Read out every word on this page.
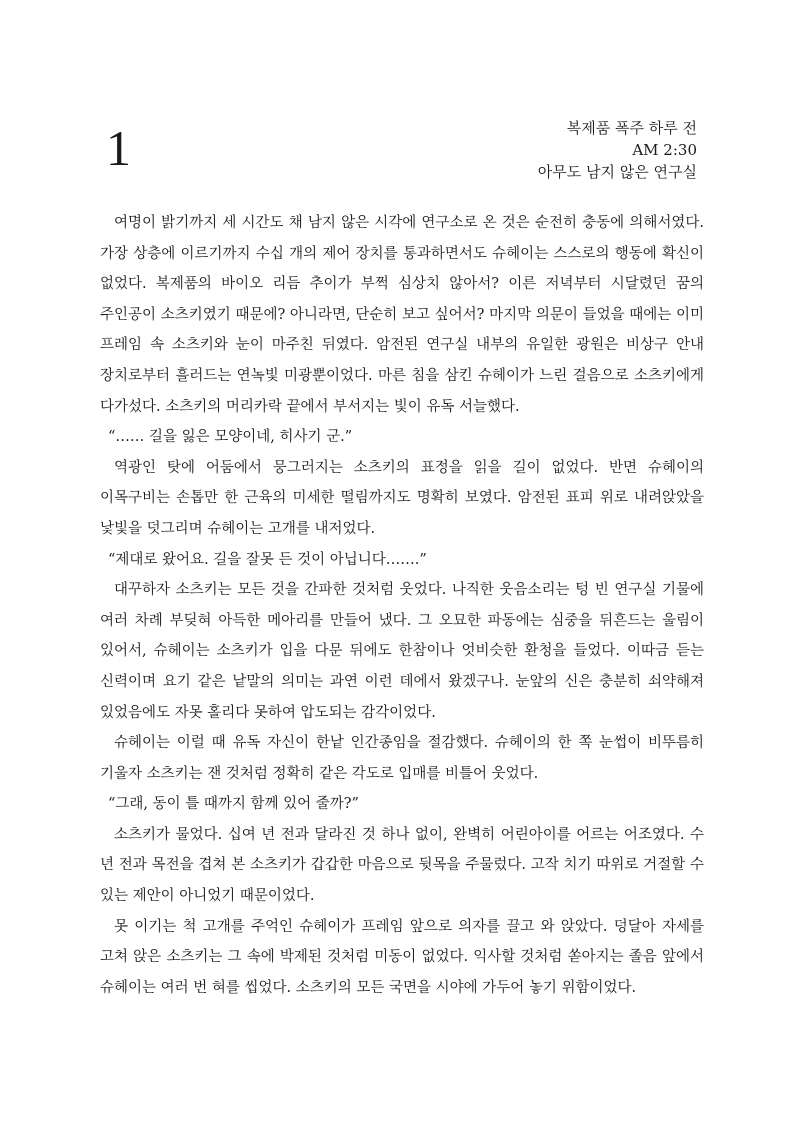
1	복제품 폭주 하루 전
AM 2:30
아무도 남지 않은 연구실

여명이 밝기까지 세 시간도 채 남지 않은 시각에 연구소로 온 것은 순전히 충동에 의해서였다. 가장 상층에 이르기까지 수십 개의 제어 장치를 통과하면서도 슈헤이는 스스로의 행동에 확신이 없었다. 복제품의 바이오 리듬 추이가 부쩍 심상치 않아서? 이른 저녁부터 시달렸던 꿈의 주인공이 소츠키였기 때문에? 아니라면, 단순히 보고 싶어서? 마지막 의문이 들었을 때에는 이미 프레임 속 소츠키와 눈이 마주친 뒤였다. 암전된 연구실 내부의 유일한 광원은 비상구 안내 장치로부터 흘러드는 연녹빛 미광뿐이었다. 마른 침을 삼킨 슈헤이가 느린 걸음으로 소츠키에게 다가섰다. 소츠키의 머리카락 끝에서 부서지는 빛이 유독 서늘했다.

“…… 길을 잃은 모양이네, 히사기 군.”

역광인 탓에 어둠에서 뭉그러지는 소츠키의 표정을 읽을 길이 없었다. 반면 슈헤이의 이목구비는 손톱만 한 근육의 미세한 떨림까지도 명확히 보였다. 암전된 표피 위로 내려앉았을 낯빛을 덧그리며 슈헤이는 고개를 내저었다.

“제대로 왔어요. 길을 잘못 든 것이 아닙니다…….”

대꾸하자 소츠키는 모든 것을 간파한 것처럼 웃었다. 나직한 웃음소리는 텅 빈 연구실 기물에 여러 차례 부딪혀 아득한 메아리를 만들어 냈다. 그 오묘한 파동에는 심중을 뒤흔드는 울림이 있어서, 슈헤이는 소츠키가 입을 다문 뒤에도 한참이나 엇비슷한 환청을 들었다. 이따금 듣는 신력이며 요기 같은 낱말의 의미는 과연 이런 데에서 왔겠구나. 눈앞의 신은 충분히 쇠약해져 있었음에도 자못 홀리다 못하여 압도되는 감각이었다.

슈헤이는 이럴 때 유독 자신이 한낱 인간종임을 절감했다. 슈헤이의 한 쪽 눈썹이 비뚜름히 기울자 소츠키는 잰 것처럼 정확히 같은 각도로 입매를 비틀어 웃었다.

“그래, 동이 틀 때까지 함께 있어 줄까?”

소츠키가 물었다. 십여 년 전과 달라진 것 하나 없이, 완벽히 어린아이를 어르는 어조였다. 수 년 전과 목전을 겹쳐 본 소츠키가 갑갑한 마음으로 뒷목을 주물렀다. 고작 치기 따위로 거절할 수 있는 제안이 아니었기 때문이었다.

못 이기는 척 고개를 주억인 슈헤이가 프레임 앞으로 의자를 끌고 와 앉았다. 덩달아 자세를 고쳐 앉은 소츠키는 그 속에 박제된 것처럼 미동이 없었다. 익사할 것처럼 쏟아지는 졸음 앞에서 슈헤이는 여러 번 혀를 씹었다. 소츠키의 모든 국면을 시야에 가두어 놓기 위함이었다.
